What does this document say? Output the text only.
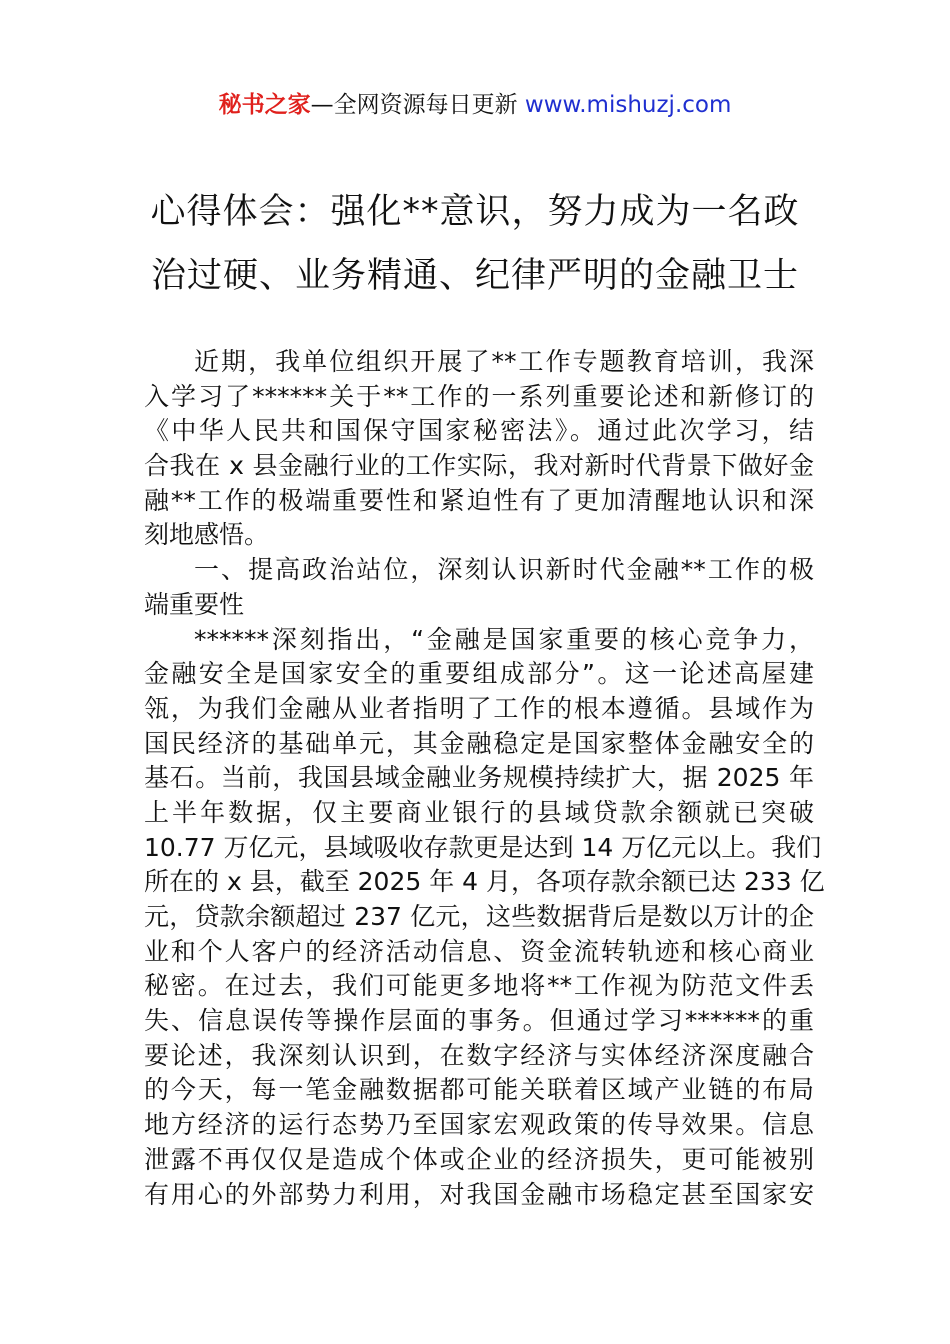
秘书之家—全网资源每日更新 www.mishuzj.com
心得体会：强化**意识，努力成为一名政
治过硬、业务精通、纪律严明的金融卫士
近期，我单位组织开展了**工作专题教育培训，我深
入学习了******关于**工作的一系列重要论述和新修订的
《中华人民共和国保守国家秘密法》。通过此次学习，结
合我在 x 县金融行业的工作实际，我对新时代背景下做好金
融**工作的极端重要性和紧迫性有了更加清醒地认识和深
刻地感悟。
一、提高政治站位，深刻认识新时代金融**工作的极
端重要性
******深刻指出，“金融是国家重要的核心竞争力，
金融安全是国家安全的重要组成部分”。这一论述高屋建
瓴，为我们金融从业者指明了工作的根本遵循。县域作为
国民经济的基础单元，其金融稳定是国家整体金融安全的
基石。当前，我国县域金融业务规模持续扩大，据 2025 年
上半年数据，仅主要商业银行的县域贷款余额就已突破
10.77 万亿元，县域吸收存款更是达到 14 万亿元以上。我们
所在的 x 县，截至 2025 年 4 月，各项存款余额已达 233 亿
元，贷款余额超过 237 亿元，这些数据背后是数以万计的企
业和个人客户的经济活动信息、资金流转轨迹和核心商业
秘密。在过去，我们可能更多地将**工作视为防范文件丢
失、信息误传等操作层面的事务。但通过学习******的重
要论述，我深刻认识到，在数字经济与实体经济深度融合
的今天，每一笔金融数据都可能关联着区域产业链的布局
地方经济的运行态势乃至国家宏观政策的传导效果。信息
泄露不再仅仅是造成个体或企业的经济损失，更可能被别
有用心的外部势力利用，对我国金融市场稳定甚至国家安
